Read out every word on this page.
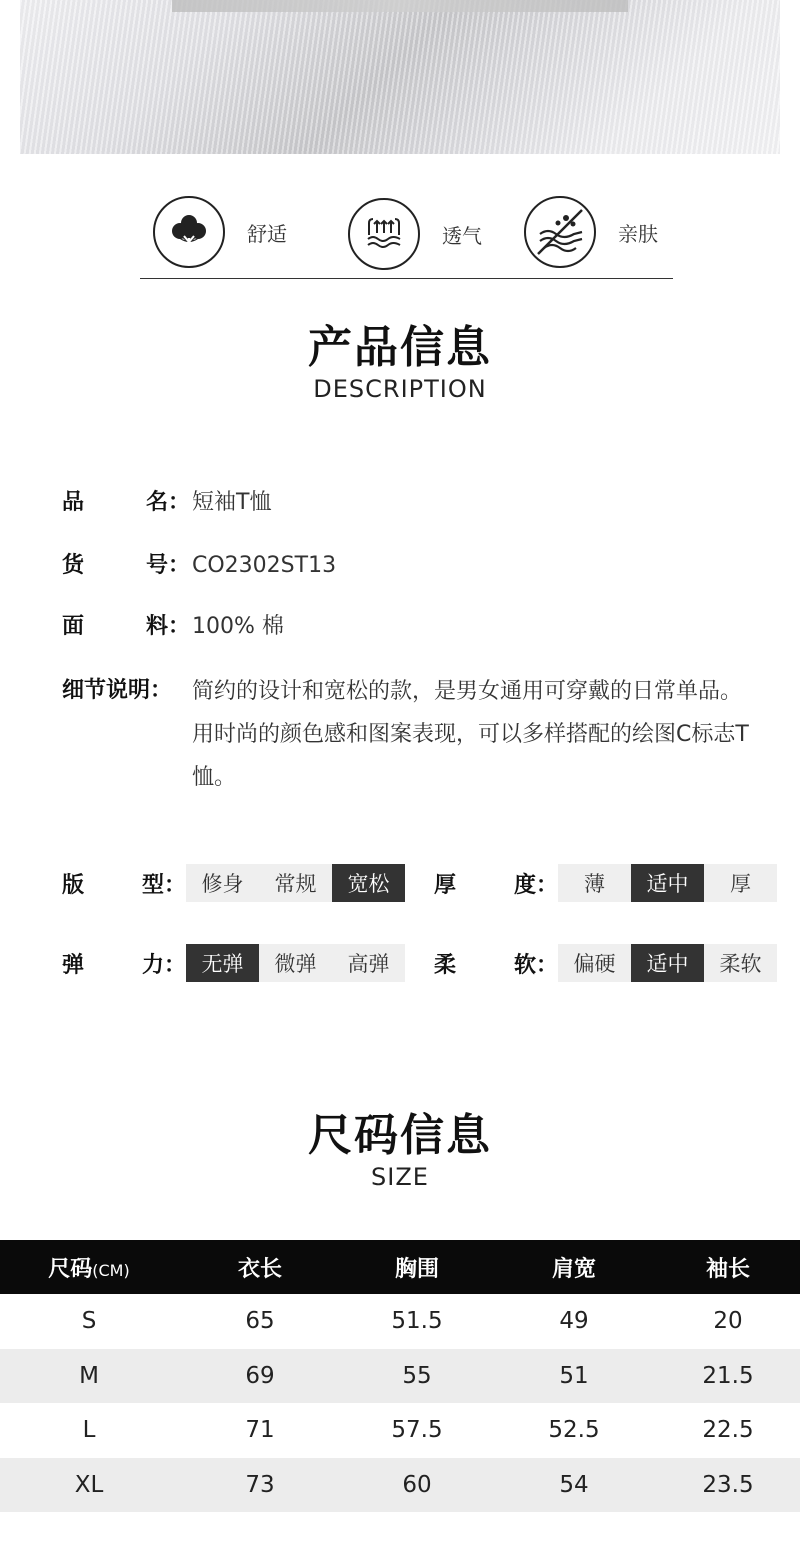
舒适	透气	亲肤
产品信息
DESCRIPTION
品	名： 短袖T恤
货	号： CO2302ST13
面	料： 100% 棉
细节说明： 简约的设计和宽松的款，是男女通用可穿戴的日常单品。用时尚的颜色感和图案表现，可以多样搭配的绘图C标志T恤。
版	型： 修身	常规	宽松	厚	度：	薄	适中	厚
弹	力： 无弹	微弹	高弹	柔	软： 偏硬	适中	柔软
尺码信息
SIZE
尺码(CM)	衣长	胸围	肩宽	袖长
S	65	51.5	49	20
M	69	55	51	21.5
L	71	57.5	52.5	22.5
XL	73	60	54	23.5
